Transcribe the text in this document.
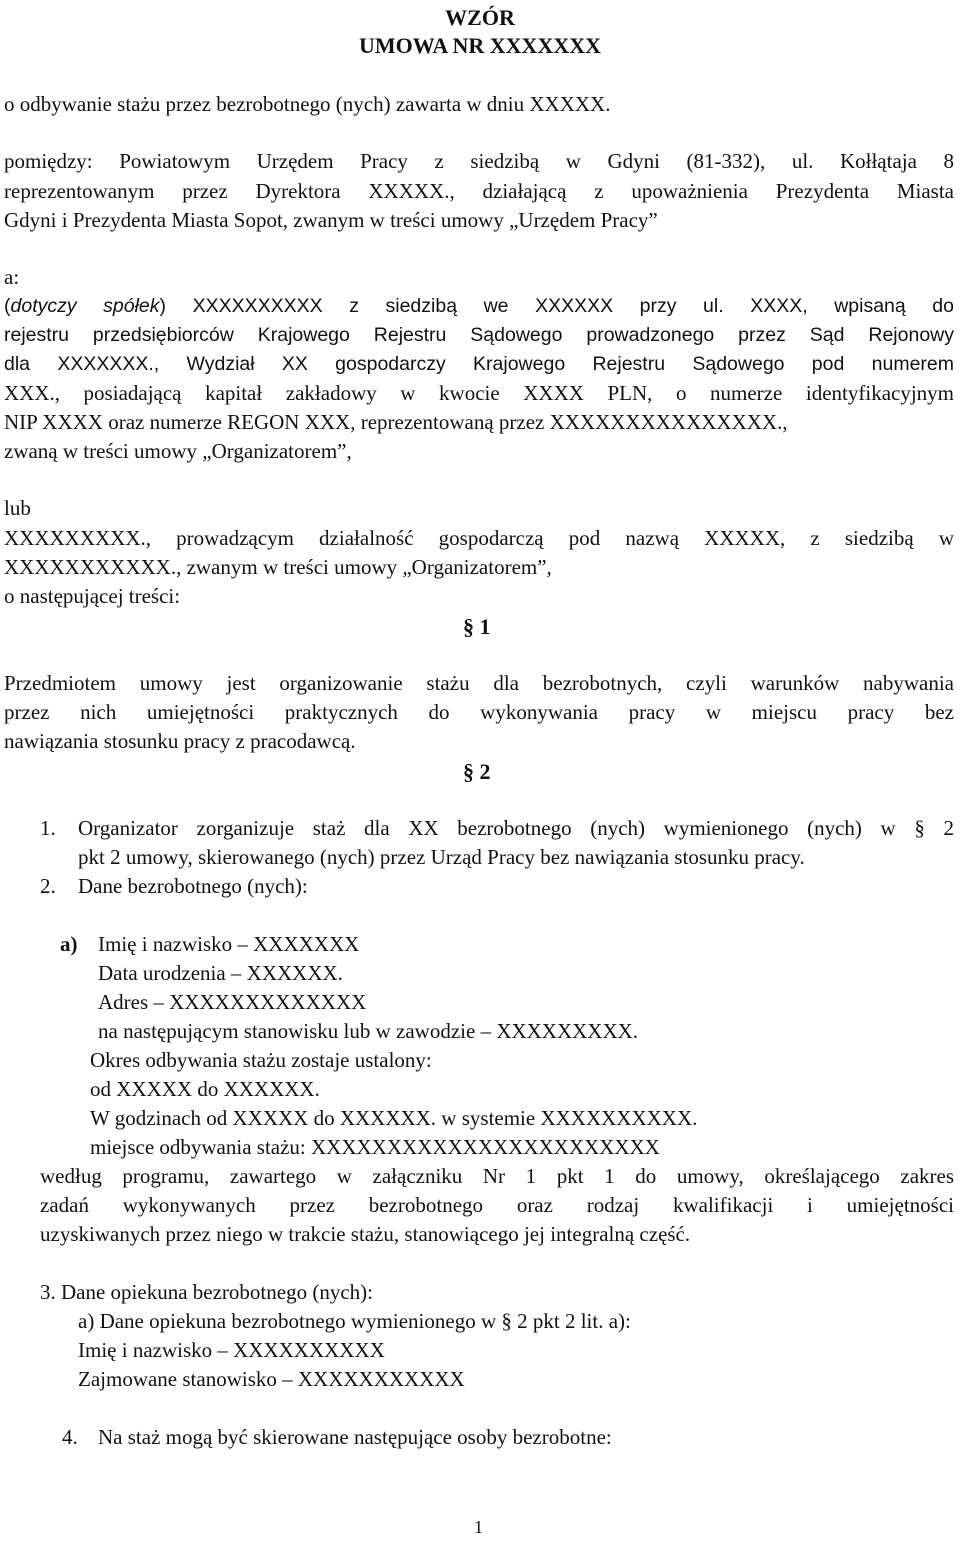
WZÓR
UMOWA NR XXXXXXX
o odbywanie stażu przez bezrobotnego (nych) zawarta w dniu XXXXX.
pomiędzy: Powiatowym Urzędem Pracy z siedzibą w Gdyni (81-332), ul. Kołłątaja 8
reprezentowanym przez Dyrektora XXXXX., działającą z upoważnienia Prezydenta Miasta
Gdyni i Prezydenta Miasta Sopot, zwanym w treści umowy „Urzędem Pracy”
a:
(dotyczy spółek) XXXXXXXXXX z siedzibą we XXXXXX przy ul. XXXX, wpisaną do
rejestru przedsiębiorców Krajowego Rejestru Sądowego prowadzonego przez Sąd Rejonowy
dla XXXXXXX., Wydział XX gospodarczy Krajowego Rejestru Sądowego pod numerem
XXX., posiadającą kapitał zakładowy w kwocie XXXX PLN, o numerze identyfikacyjnym
NIP XXXX oraz numerze REGON XXX, reprezentowaną przez XXXXXXXXXXXXXXX.,
zwaną w treści umowy „Organizatorem”,
lub
XXXXXXXXX., prowadzącym działalność gospodarczą pod nazwą XXXXX, z siedzibą w
XXXXXXXXXXX., zwanym w treści umowy „Organizatorem”,
o następującej treści:
§ 1
Przedmiotem umowy jest organizowanie stażu dla bezrobotnych, czyli warunków nabywania
przez nich umiejętności praktycznych do wykonywania pracy w miejscu pracy bez
nawiązania stosunku pracy z pracodawcą.
§ 2
1. Organizator zorganizuje staż dla XX bezrobotnego (nych) wymienionego (nych) w § 2
pkt 2 umowy, skierowanego (nych) przez Urząd Pracy bez nawiązania stosunku pracy.
2. Dane bezrobotnego (nych):
a) Imię i nazwisko – XXXXXXX
Data urodzenia – XXXXXX.
Adres – XXXXXXXXXXXXX
na następującym stanowisku lub w zawodzie – XXXXXXXXX.
Okres odbywania stażu zostaje ustalony:
od XXXXX do XXXXXX.
W godzinach od XXXXX do XXXXXX. w systemie XXXXXXXXXX.
miejsce odbywania stażu: XXXXXXXXXXXXXXXXXXXXXXX
według programu, zawartego w załączniku Nr 1 pkt 1 do umowy, określającego zakres
zadań wykonywanych przez bezrobotnego oraz rodzaj kwalifikacji i umiejętności
uzyskiwanych przez niego w trakcie stażu, stanowiącego jej integralną część.
3. Dane opiekuna bezrobotnego (nych):
a) Dane opiekuna bezrobotnego wymienionego w § 2 pkt 2 lit. a):
Imię i nazwisko – XXXXXXXXXX
Zajmowane stanowisko – XXXXXXXXXXX
4. Na staż mogą być skierowane następujące osoby bezrobotne:
1
